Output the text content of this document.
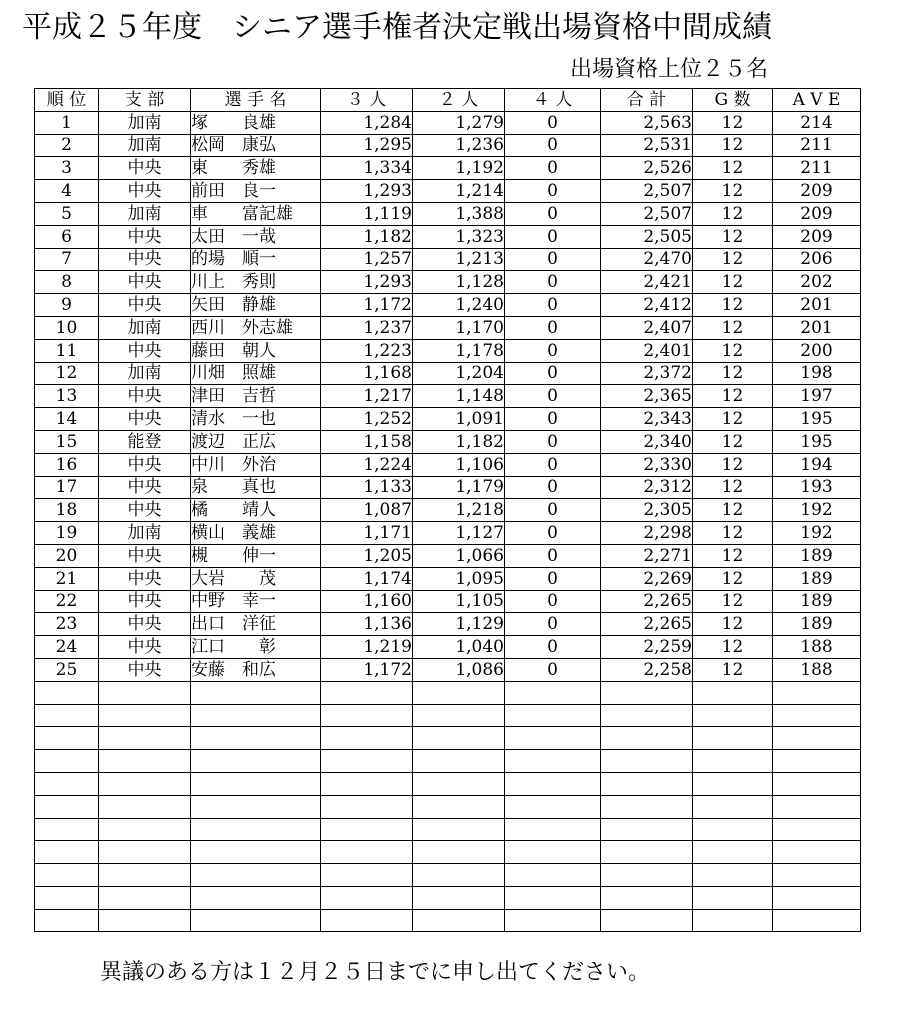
平成２５年度　シニア選手権者決定戦出場資格中間成績
出場資格上位２５名
順 位	支 部	選 手 名	３ 人	２ 人	４ 人	合 計	G 数	A V E
1	加南	塚　　良雄	1,284	1,279	0	2,563	12	214
2	加南	松岡　康弘	1,295	1,236	0	2,531	12	211
3	中央	東　　秀雄	1,334	1,192	0	2,526	12	211
4	中央	前田　良一	1,293	1,214	0	2,507	12	209
5	加南	車　　富記雄	1,119	1,388	0	2,507	12	209
6	中央	太田　一哉	1,182	1,323	0	2,505	12	209
7	中央	的場　順一	1,257	1,213	0	2,470	12	206
8	中央	川上　秀則	1,293	1,128	0	2,421	12	202
9	中央	矢田　静雄	1,172	1,240	0	2,412	12	201
10	加南	西川　外志雄	1,237	1,170	0	2,407	12	201
11	中央	藤田　朝人	1,223	1,178	0	2,401	12	200
12	加南	川畑　照雄	1,168	1,204	0	2,372	12	198
13	中央	津田　吉哲	1,217	1,148	0	2,365	12	197
14	中央	清水　一也	1,252	1,091	0	2,343	12	195
15	能登	渡辺　正広	1,158	1,182	0	2,340	12	195
16	中央	中川　外治	1,224	1,106	0	2,330	12	194
17	中央	泉　　真也	1,133	1,179	0	2,312	12	193
18	中央	橘　　靖人	1,087	1,218	0	2,305	12	192
19	加南	横山　義雄	1,171	1,127	0	2,298	12	192
20	中央	槻　　伸一	1,205	1,066	0	2,271	12	189
21	中央	大岩　　茂	1,174	1,095	0	2,269	12	189
22	中央	中野　幸一	1,160	1,105	0	2,265	12	189
23	中央	出口　洋征	1,136	1,129	0	2,265	12	189
24	中央	江口　　彰	1,219	1,040	0	2,259	12	188
25	中央	安藤　和広	1,172	1,086	0	2,258	12	188

異議のある方は１２月２５日までに申し出てください。
